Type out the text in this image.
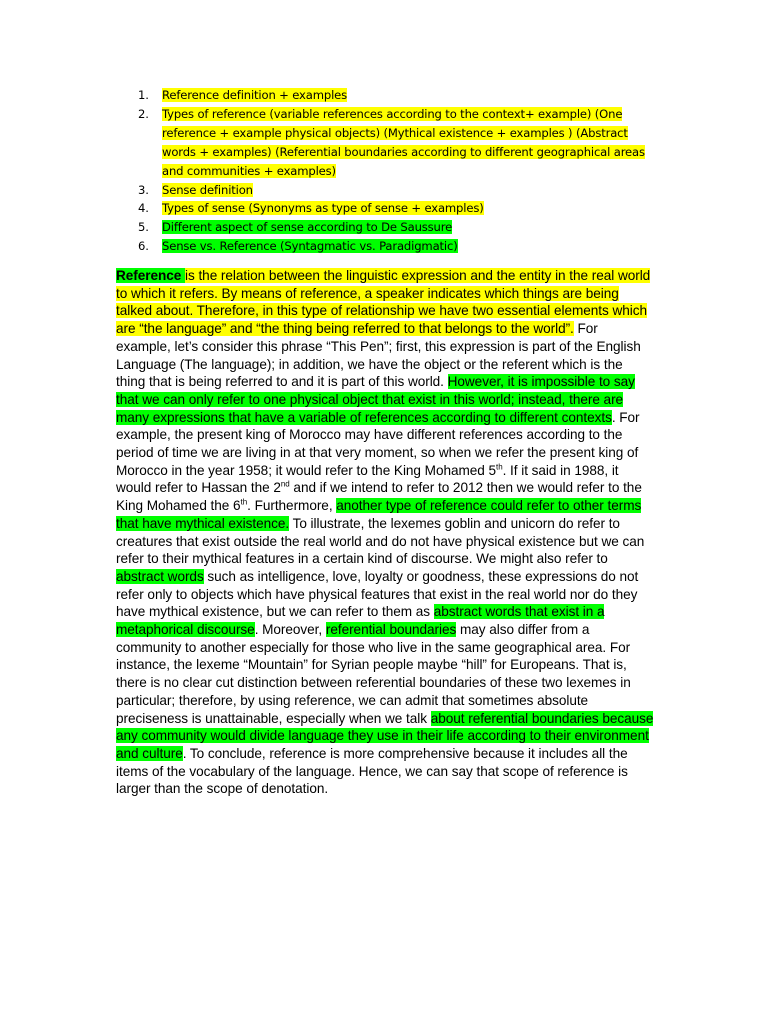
1. Reference definition + examples
2. Types of reference (variable references according to the context+ example) (One reference + example physical objects) (Mythical existence + examples ) (Abstract words + examples) (Referential boundaries according to different geographical areas and communities + examples)
3. Sense definition
4. Types of sense (Synonyms as type of sense + examples)
5. Different aspect of sense according to De Saussure
6. Sense vs. Reference (Syntagmatic vs. Paradigmatic)

Reference is the relation between the linguistic expression and the entity in the real world to which it refers. By means of reference, a speaker indicates which things are being talked about. Therefore, in this type of relationship we have two essential elements which are “the language” and “the thing being referred to that belongs to the world”. For example, let’s consider this phrase “This Pen”; first, this expression is part of the English Language (The language); in addition, we have the object or the referent which is the thing that is being referred to and it is part of this world. However, it is impossible to say that we can only refer to one physical object that exist in this world; instead, there are many expressions that have a variable of references according to different contexts. For example, the present king of Morocco may have different references according to the period of time we are living in at that very moment, so when we refer the present king of Morocco in the year 1958; it would refer to the King Mohamed 5th. If it said in 1988, it would refer to Hassan the 2nd and if we intend to refer to 2012 then we would refer to the King Mohamed the 6th. Furthermore, another type of reference could refer to other terms that have mythical existence. To illustrate, the lexemes goblin and unicorn do refer to creatures that exist outside the real world and do not have physical existence but we can refer to their mythical features in a certain kind of discourse. We might also refer to abstract words such as intelligence, love, loyalty or goodness, these expressions do not refer only to objects which have physical features that exist in the real world nor do they have mythical existence, but we can refer to them as abstract words that exist in a metaphorical discourse. Moreover, referential boundaries may also differ from a community to another especially for those who live in the same geographical area. For instance, the lexeme “Mountain” for Syrian people maybe “hill” for Europeans. That is, there is no clear cut distinction between referential boundaries of these two lexemes in particular; therefore, by using reference, we can admit that sometimes absolute preciseness is unattainable, especially when we talk about referential boundaries because any community would divide language they use in their life according to their environment and culture. To conclude, reference is more comprehensive because it includes all the items of the vocabulary of the language. Hence, we can say that scope of reference is larger than the scope of denotation.
